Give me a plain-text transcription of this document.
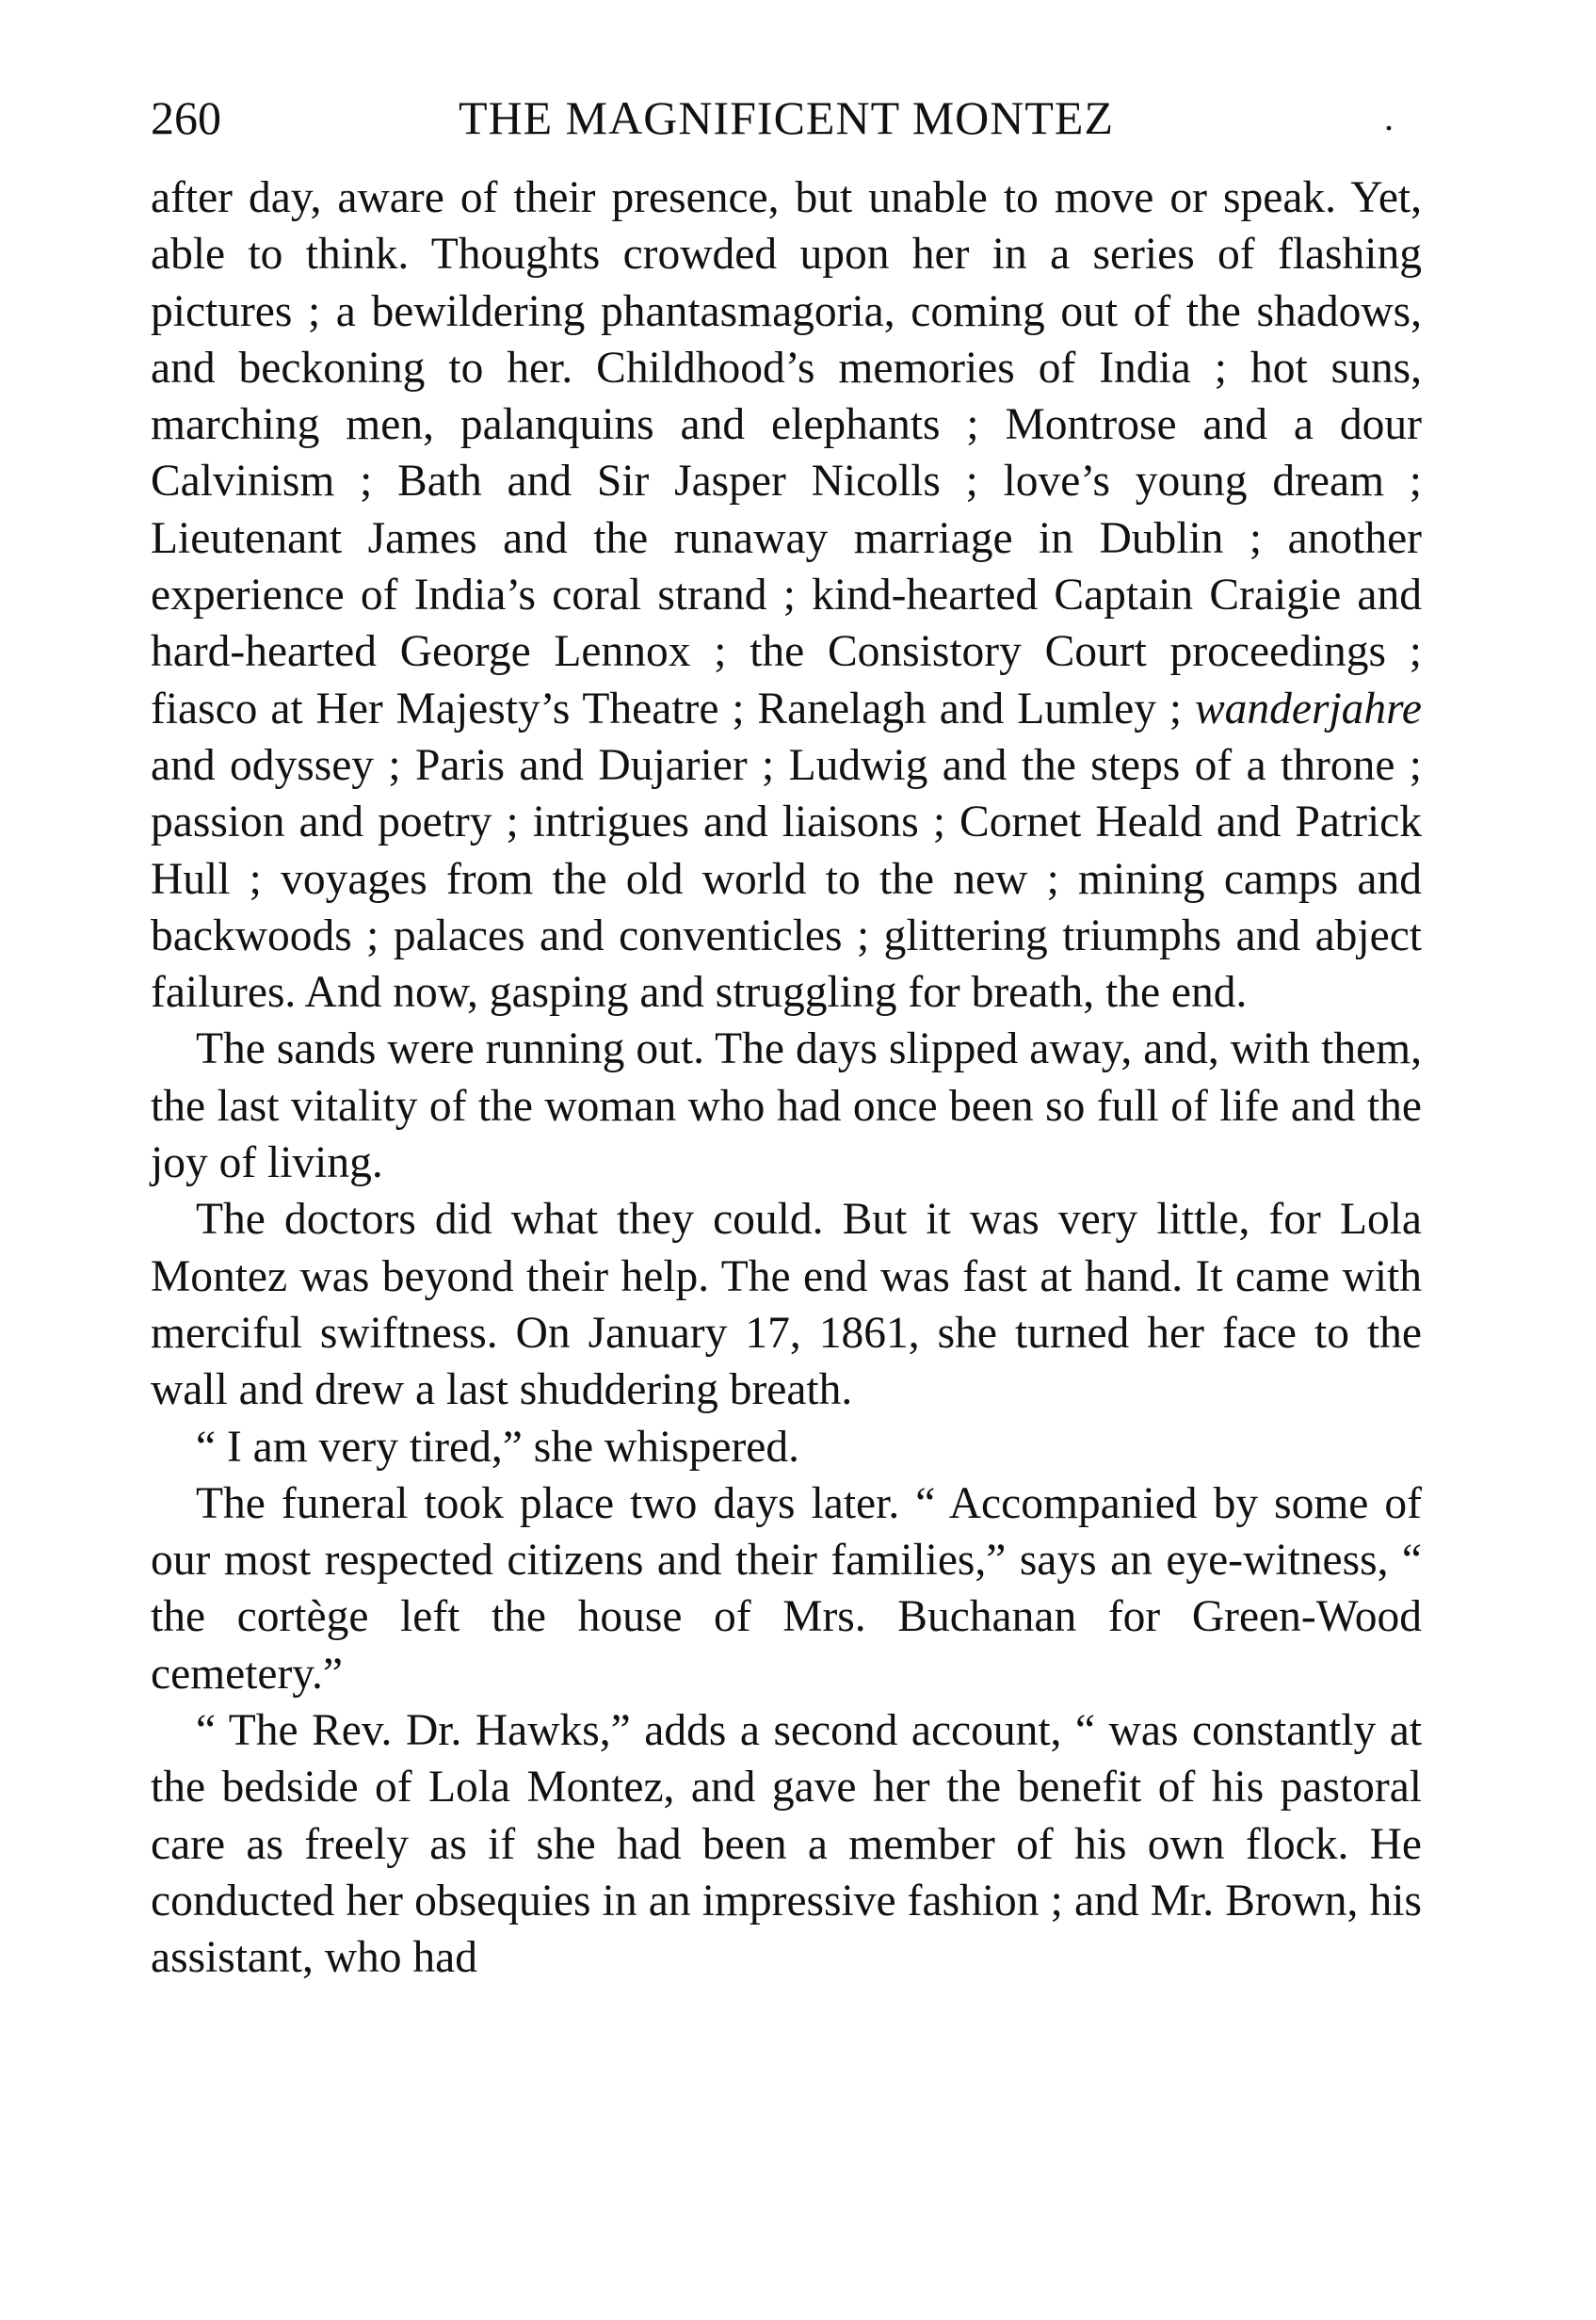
260	THE MAGNIFICENT MONTEZ	.

after day, aware of their presence, but unable to move or speak. Yet, able to think. Thoughts crowded upon her in a series of flashing pictures ; a bewildering phantasmagoria, coming out of the shadows, and beckoning to her. Childhood’s memories of India ; hot suns, marching men, palanquins and elephants ; Montrose and a dour Calvinism ; Bath and Sir Jasper Nicolls ; love’s young dream ; Lieutenant James and the runaway marriage in Dublin ; another experience of India’s coral strand ; kind-hearted Captain Craigie and hard-hearted George Lennox ; the Consistory Court proceedings ; fiasco at Her Majesty’s Theatre ; Ranelagh and Lumley ; wanderjahre and odyssey ; Paris and Dujarier ; Ludwig and the steps of a throne ; passion and poetry ; intrigues and liaisons ; Cornet Heald and Patrick Hull ; voyages from the old world to the new ; mining camps and backwoods ; palaces and conventicles ; glittering triumphs and abject failures. And now, gasping and struggling for breath, the end.

The sands were running out. The days slipped away, and, with them, the last vitality of the woman who had once been so full of life and the joy of living.

The doctors did what they could. But it was very little, for Lola Montez was beyond their help. The end was fast at hand. It came with merciful swiftness. On January 17, 1861, she turned her face to the wall and drew a last shuddering breath.

“ I am very tired,” she whispered.

The funeral took place two days later. “ Accompanied by some of our most respected citizens and their families,” says an eye-witness, “ the cortège left the house of Mrs. Buchanan for Green-Wood cemetery.”

“ The Rev. Dr. Hawks,” adds a second account, “ was constantly at the bedside of Lola Montez, and gave her the benefit of his pastoral care as freely as if she had been a member of his own flock. He conducted her obsequies in an impressive fashion ; and Mr. Brown, his assistant, who had
